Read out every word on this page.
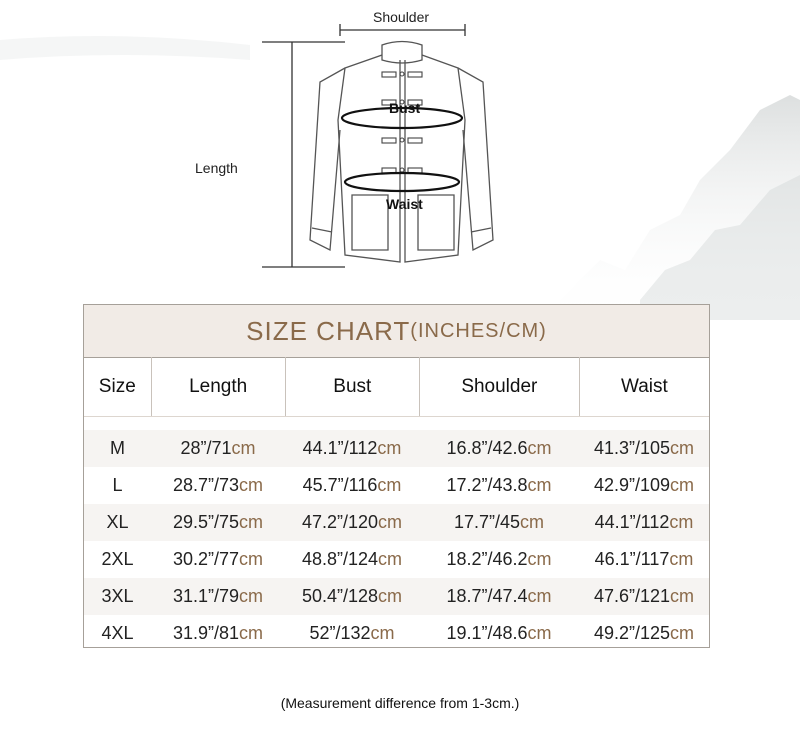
Shoulder
Bust
Length
Waist
SIZE CHART (INCHES/CM)
Size	Length	Bust	Shoulder	Waist
M	28”/71cm	44.1”/112cm	16.8”/42.6cm	41.3”/105cm
L	28.7”/73cm	45.7”/116cm	17.2”/43.8cm	42.9”/109cm
XL	29.5”/75cm	47.2”/120cm	17.7”/45cm	44.1”/112cm
2XL	30.2”/77cm	48.8”/124cm	18.2”/46.2cm	46.1”/117cm
3XL	31.1”/79cm	50.4”/128cm	18.7”/47.4cm	47.6”/121cm
4XL	31.9”/81cm	52”/132cm	19.1”/48.6cm	49.2”/125cm
(Measurement difference from 1-3cm.)
